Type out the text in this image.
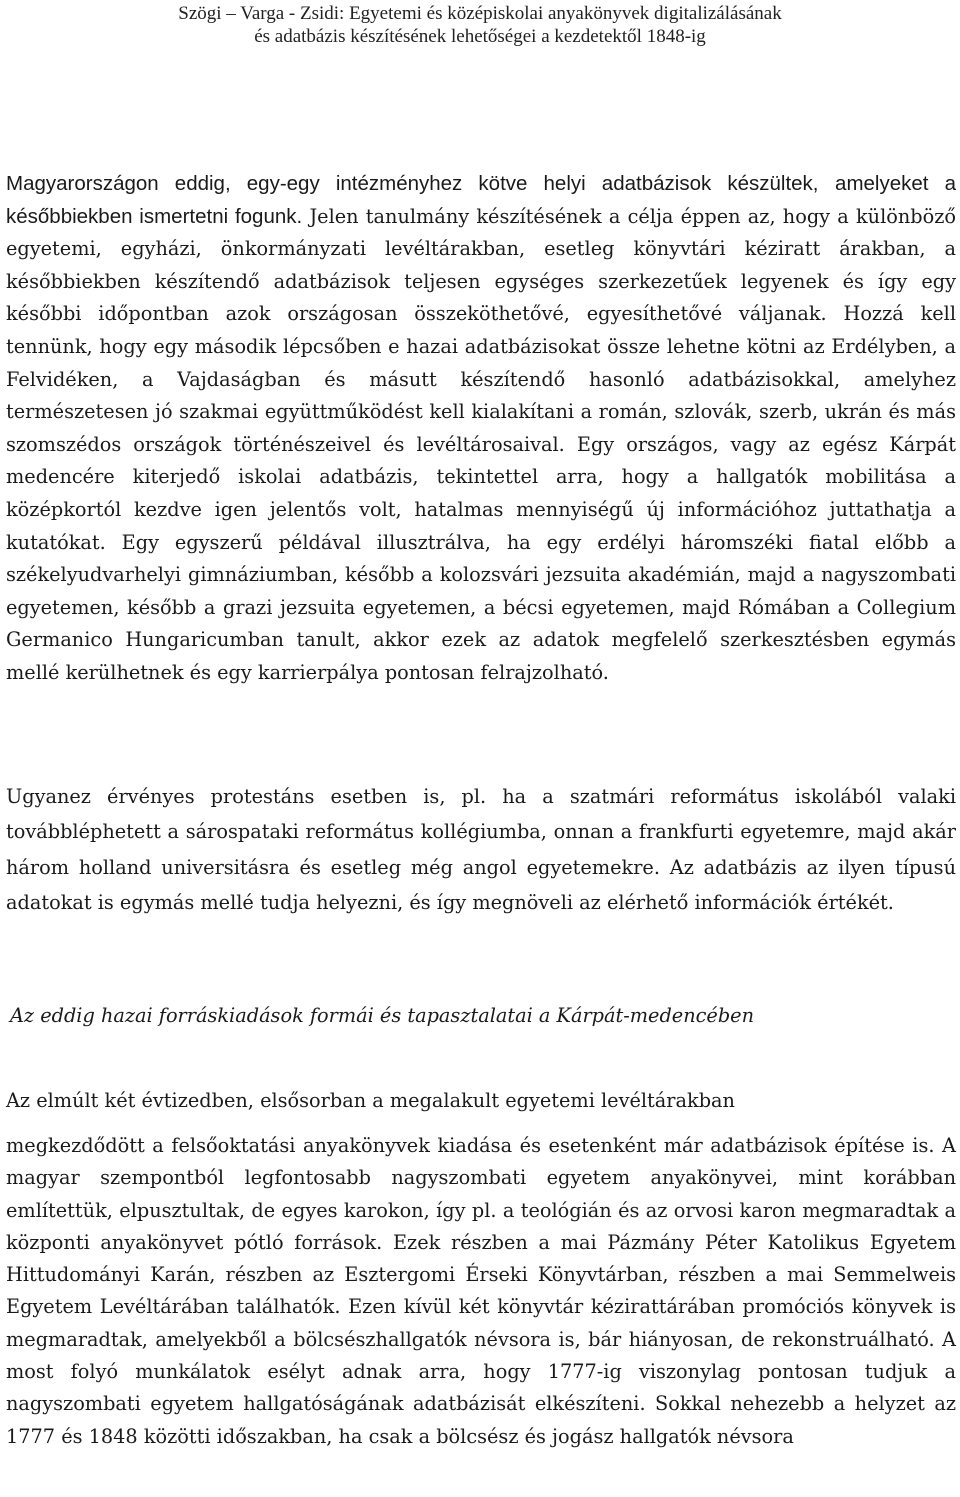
Szögi – Varga - Zsidi: Egyetemi és középiskolai anyakönyvek digitalizálásának
és adatbázis készítésének lehetőségei a kezdetektől 1848-ig

Magyarországon eddig, egy-egy intézményhez kötve helyi adatbázisok készültek, amelyeket a későbbiekben ismertetni fogunk. Jelen tanulmány készítésének a célja éppen az, hogy a különböző egyetemi, egyházi, önkormányzati levéltárakban, esetleg könyvtári kéziratt árakban, a későbbiekben készítendő adatbázisok teljesen egységes szerkezetűek legyenek és így egy későbbi időpontban azok országosan összeköthetővé, egyesíthetővé váljanak. Hozzá kell tennünk, hogy egy második lépcsőben e hazai adatbázisokat össze lehetne kötni az Erdélyben, a Felvidéken, a Vajdaságban és másutt készítendő hasonló adatbázisokkal, amelyhez természetesen jó szakmai együttműködést kell kialakítani a román, szlovák, szerb, ukrán és más szomszédos országok történészeivel és levéltárosaival. Egy országos, vagy az egész Kárpát medencére kiterjedő iskolai adatbázis, tekintettel arra, hogy a hallgatók mobilitása a középkortól kezdve igen jelentős volt, hatalmas mennyiségű új információhoz juttathatja a kutatókat. Egy egyszerű példával illusztrálva, ha egy erdélyi háromszéki fiatal előbb a székelyudvarhelyi gimnáziumban, később a kolozsvári jezsuita akadémián, majd a nagyszombati egyetemen, később a grazi jezsuita egyetemen, a bécsi egyetemen, majd Rómában a Collegium Germanico Hungaricumban tanult, akkor ezek az adatok megfelelő szerkesztésben egymás mellé kerülhetnek és egy karrierpálya pontosan felrajzolható.

Ugyanez érvényes protestáns esetben is, pl. ha a szatmári református iskolából valaki továbbléphetett a sárospataki református kollégiumba, onnan a frankfurti egyetemre, majd akár három holland universitásra és esetleg még angol egyetemekre. Az adatbázis az ilyen típusú adatokat is egymás mellé tudja helyezni, és így megnöveli az elérhető információk értékét.

Az eddig hazai forráskiadások formái és tapasztalatai a Kárpát-medencében
Az elmúlt két évtizedben, elsősorban a megalakult egyetemi levéltárakban

megkezdődött a felsőoktatási anyakönyvek kiadása és esetenként már adatbázisok építése is. A magyar szempontból legfontosabb nagyszombati egyetem anyakönyvei, mint korábban említettük, elpusztultak, de egyes karokon, így pl. a teológián és az orvosi karon megmaradtak a központi anyakönyvet pótló források. Ezek részben a mai Pázmány Péter Katolikus Egyetem Hittudományi Karán, részben az Esztergomi Érseki Könyvtárban, részben a mai Semmelweis Egyetem Levéltárában találhatók. Ezen kívül két könyvtár kézirattárában promóciós könyvek is megmaradtak, amelyekből a bölcsészhallgatók névsora is, bár hiányosan, de rekonstruálható. A most folyó munkálatok esélyt adnak arra, hogy 1777-ig viszonylag pontosan tudjuk a nagyszombati egyetem hallgatóságának adatbázisát elkészíteni. Sokkal nehezebb a helyzet az 1777 és 1848 közötti időszakban, ha csak a bölcsész és jogász hallgatók névsora
